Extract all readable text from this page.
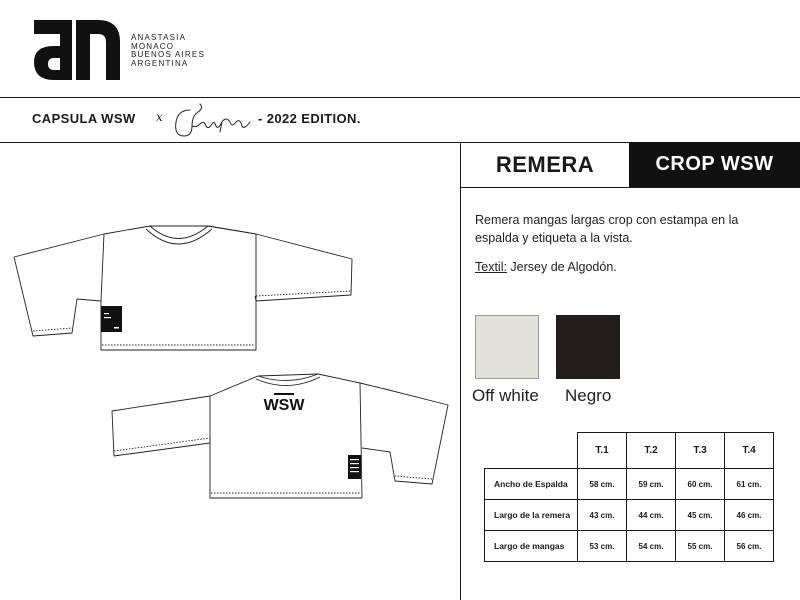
ANASTASIA
MONACO
BUENOS AIRES
ARGENTINA
CAPSULA WSW x	- 2022 EDITION.
WSW
REMERA	CROP WSW
Remera mangas largas crop con estampa en la espalda y etiqueta a la vista.
Textil: Jersey de Algodón.
Off white Negro
	T.1	T.2	T.3	T.4
Ancho de Espalda	58 cm.	59 cm.	60 cm.	61 cm.
Largo de la remera	43 cm.	44 cm.	45 cm.	46 cm.
Largo de mangas	53 cm.	54 cm.	55 cm.	56 cm.
